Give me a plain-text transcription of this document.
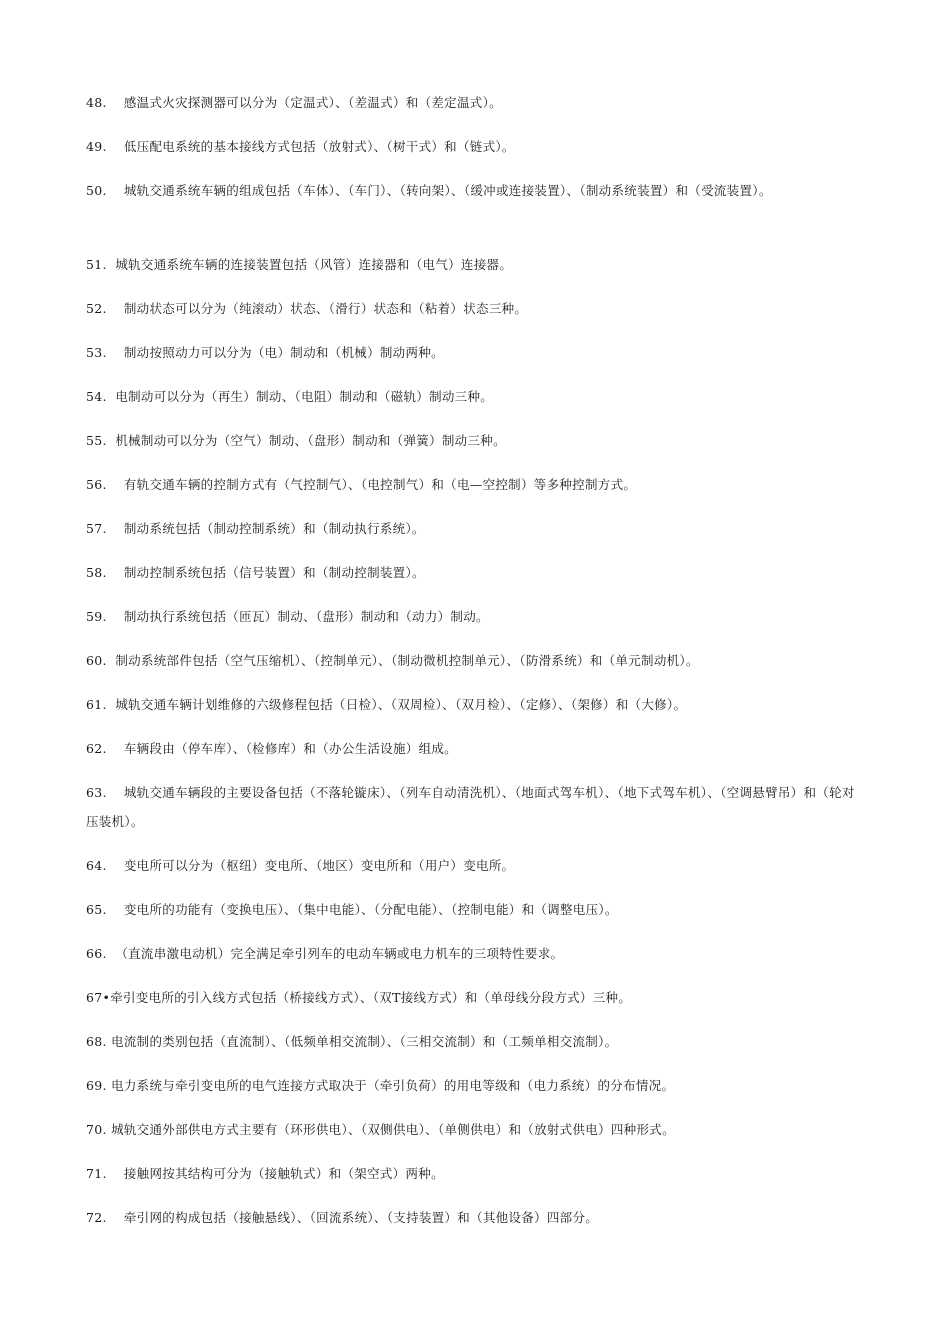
48. 感温式火灾探测器可以分为（定温式）、（差温式）和（差定温式）。
49. 低压配电系统的基本接线方式包括（放射式）、（树干式）和（链式）。
50. 城轨交通系统车辆的组成包括（车体）、（车门）、（转向架）、（缓冲或连接装置）、（制动系统装置）和（受流装置）。
51. 城轨交通系统车辆的连接装置包括（风管）连接器和（电气）连接器。
52. 制动状态可以分为（纯滚动）状态、（滑行）状态和（粘着）状态三种。
53. 制动按照动力可以分为（电）制动和（机械）制动两种。
54. 电制动可以分为（再生）制动、（电阻）制动和（磁轨）制动三种。
55. 机械制动可以分为（空气）制动、（盘形）制动和（弹簧）制动三种。
56. 有轨交通车辆的控制方式有（气控制气）、（电控制气）和（电—空控制）等多种控制方式。
57. 制动系统包括（制动控制系统）和（制动执行系统）。
58. 制动控制系统包括（信号装置）和（制动控制装置）。
59. 制动执行系统包括（匝瓦）制动、（盘形）制动和（动力）制动。
60. 制动系统部件包括（空气压缩机）、（控制单元）、（制动微机控制单元）、（防滑系统）和（单元制动机）。
61. 城轨交通车辆计划维修的六级修程包括（日检）、（双周检）、（双月检）、（定修）、（架修）和（大修）。
62. 车辆段由（停车库）、（检修库）和（办公生活设施）组成。
63. 城轨交通车辆段的主要设备包括（不落轮镟床）、（列车自动清洗机）、（地面式驾车机）、（地下式驾车机）、（空调悬臂吊）和（轮对压装机）。
64. 变电所可以分为（枢纽）变电所、（地区）变电所和（用户）变电所。
65. 变电所的功能有（变换电压）、（集中电能）、（分配电能）、（控制电能）和（调整电压）。
66. （直流串激电动机）完全满足牵引列车的电动车辆或电力机车的三项特性要求。
67•牵引变电所的引入线方式包括（桥接线方式）、（双T接线方式）和（单母线分段方式）三种。
68. 电流制的类别包括（直流制）、（低频单相交流制）、（三相交流制）和（工频单相交流制）。
69. 电力系统与牵引变电所的电气连接方式取决于（牵引负荷）的用电等级和（电力系统）的分布情况。
70. 城轨交通外部供电方式主要有（环形供电）、（双侧供电）、（单侧供电）和（放射式供电）四种形式。
71. 接触网按其结构可分为（接触轨式）和（架空式）两种。
72. 牵引网的构成包括（接触悬线）、（回流系统）、（支持装置）和（其他设备）四部分。
